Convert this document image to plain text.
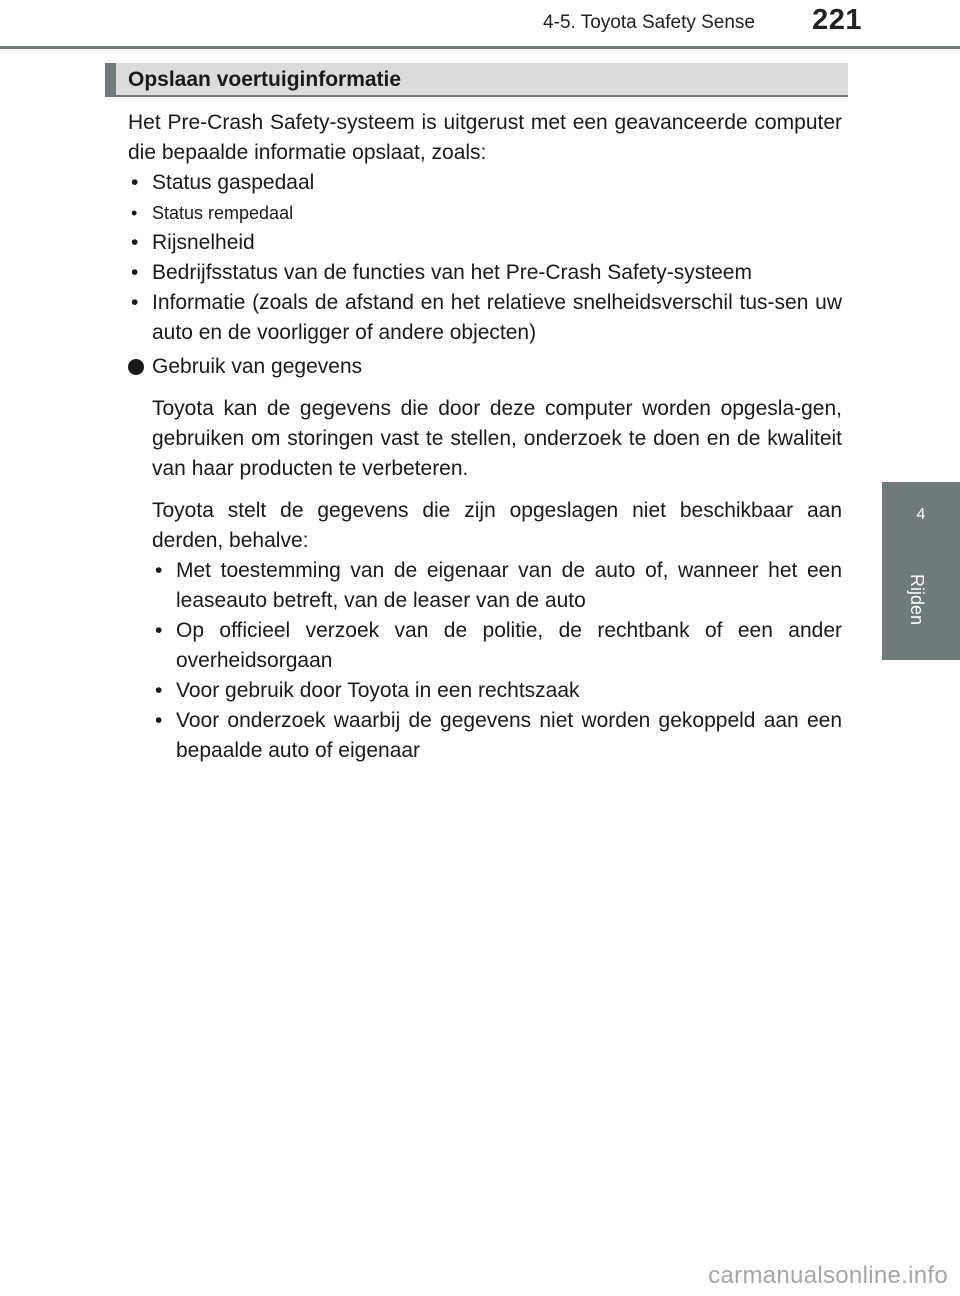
4-5. Toyota Safety Sense 221
4
Rijden
Opslaan voertuiginformatie

Het Pre-Crash Safety-systeem is uitgerust met een geavanceerde computer die bepaalde informatie opslaat, zoals:

• Status gaspedaal
• Status rempedaal
• Rijsnelheid
• Bedrijfsstatus van de functies van het Pre-Crash Safety-systeem
• Informatie (zoals de afstand en het relatieve snelheidsverschil tus-sen uw auto en de voorligger of andere objecten)
Gebruik van gegevens

Toyota kan de gegevens die door deze computer worden opgesla-gen, gebruiken om storingen vast te stellen, onderzoek te doen en de kwaliteit van haar producten te verbeteren.

Toyota stelt de gegevens die zijn opgeslagen niet beschikbaar aan derden, behalve:

• Met toestemming van de eigenaar van de auto of, wanneer het een leaseauto betreft, van de leaser van de auto
• Op officieel verzoek van de politie, de rechtbank of een ander overheidsorgaan
• Voor gebruik door Toyota in een rechtszaak
• Voor onderzoek waarbij de gegevens niet worden gekoppeld aan een bepaalde auto of eigenaar
carmanualsonline.info
